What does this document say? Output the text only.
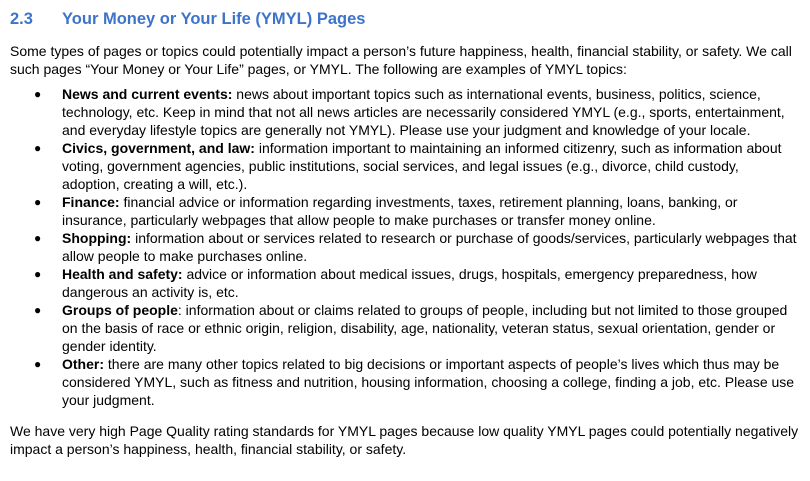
2.3	Your Money or Your Life (YMYL) Pages

Some types of pages or topics could potentially impact a person’s future happiness, health, financial stability, or safety. We call such pages “Your Money or Your Life” pages, or YMYL. The following are examples of YMYL topics:

● News and current events: news about important topics such as international events, business, politics, science, technology, etc. Keep in mind that not all news articles are necessarily considered YMYL (e.g., sports, entertainment, and everyday lifestyle topics are generally not YMYL). Please use your judgment and knowledge of your locale.
● Civics, government, and law: information important to maintaining an informed citizenry, such as information about voting, government agencies, public institutions, social services, and legal issues (e.g., divorce, child custody, adoption, creating a will, etc.).
● Finance: financial advice or information regarding investments, taxes, retirement planning, loans, banking, or insurance, particularly webpages that allow people to make purchases or transfer money online.
● Shopping: information about or services related to research or purchase of goods/services, particularly webpages that allow people to make purchases online.
● Health and safety: advice or information about medical issues, drugs, hospitals, emergency preparedness, how dangerous an activity is, etc.
● Groups of people: information about or claims related to groups of people, including but not limited to those grouped on the basis of race or ethnic origin, religion, disability, age, nationality, veteran status, sexual orientation, gender or gender identity.
● Other: there are many other topics related to big decisions or important aspects of people’s lives which thus may be considered YMYL, such as fitness and nutrition, housing information, choosing a college, finding a job, etc. Please use your judgment.

We have very high Page Quality rating standards for YMYL pages because low quality YMYL pages could potentially negatively impact a person’s happiness, health, financial stability, or safety.
